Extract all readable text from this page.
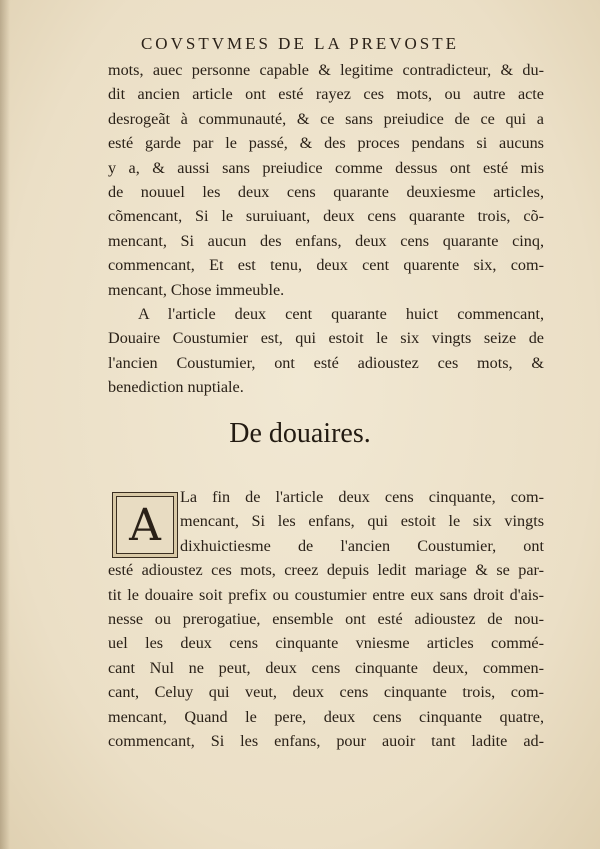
COVSTVMES DE LA PREVOSTE
mots, auec personne capable & legitime contradicteur, & du-
dit ancien article ont esté rayez ces mots, ou autre acte
desrogeãt à communauté, & ce sans preiudice de ce qui a
esté garde par le passé, & des proces pendans si aucuns
y a, & aussi sans preiudice comme dessus ont esté mis
de nouuel les deux cens quarante deuxiesme articles,
cõmencant, Si le suruiuant, deux cens quarante trois, cõ-
mencant, Si aucun des enfans, deux cens quarante cinq,
commencant, Et est tenu, deux cent quarente six, com-
mencant, Chose immeuble.
A l'article deux cent quarante huict commencant,
Douaire Coustumier est, qui estoit le six vingts seize de
l'ancien Coustumier, ont esté adioustez ces mots, &
benediction nuptiale.
De douaires.
A
La fin de l'article deux cens cinquante, com-
mencant, Si les enfans, qui estoit le six vingts
dixhuictiesme de l'ancien Coustumier, ont
esté adioustez ces mots, creez depuis ledit mariage & se par-
tit le douaire soit prefix ou coustumier entre eux sans droit d'ais-
nesse ou prerogatiue, ensemble ont esté adioustez de nou-
uel les deux cens cinquante vniesme articles commé-
cant Nul ne peut, deux cens cinquante deux, commen-
cant, Celuy qui veut, deux cens cinquante trois, com-
mencant, Quand le pere, deux cens cinquante quatre,
commencant, Si les enfans, pour auoir tant ladite ad-
